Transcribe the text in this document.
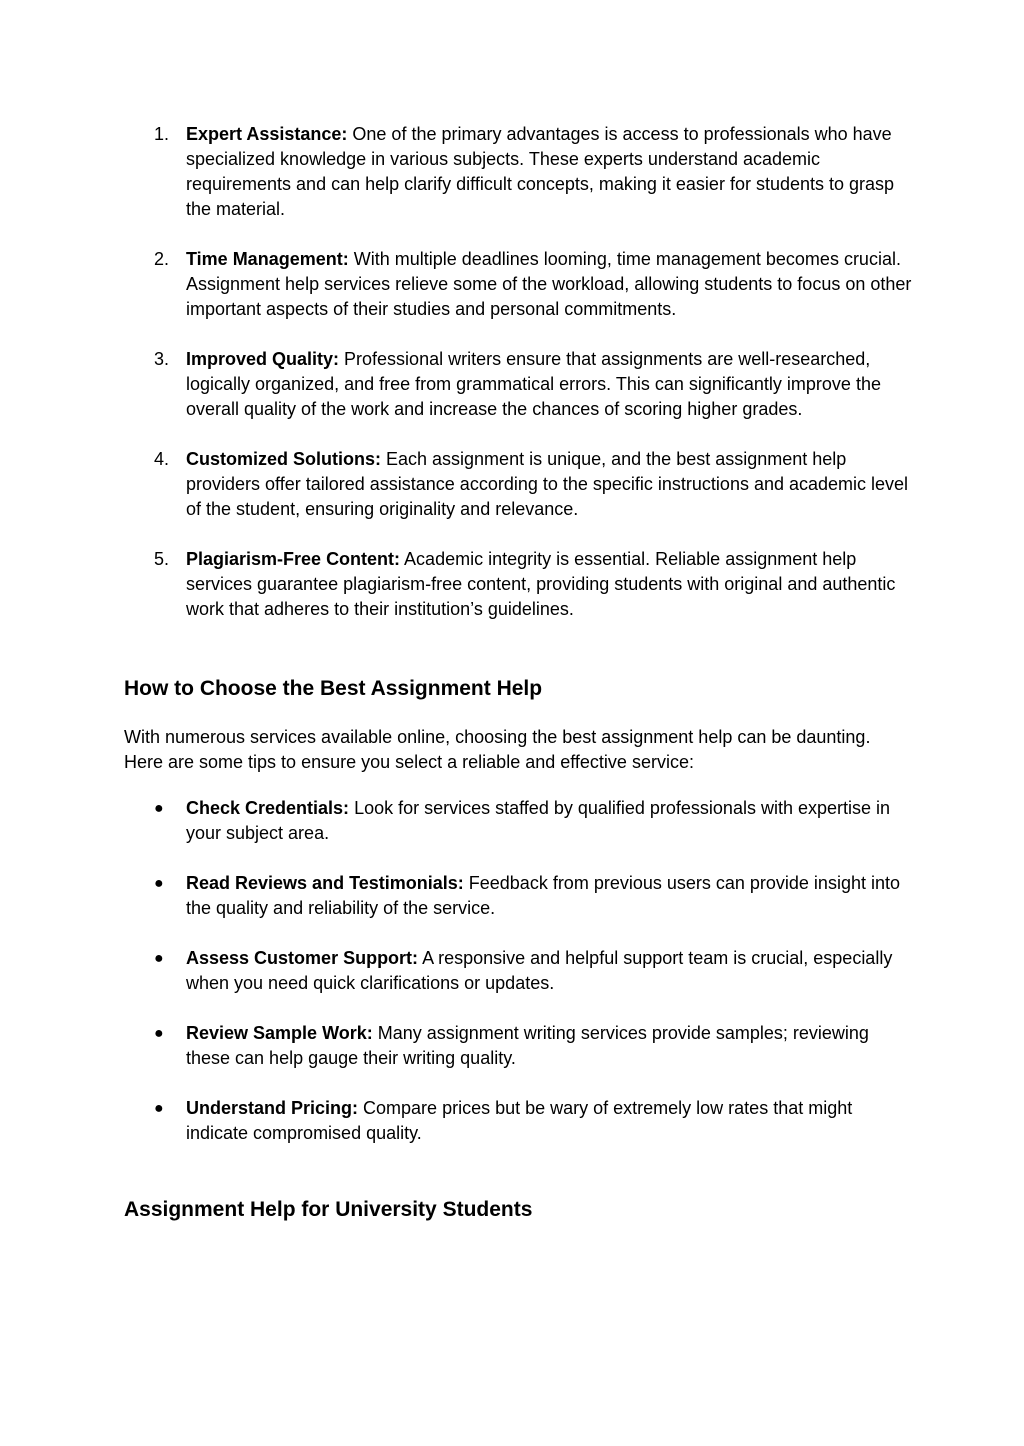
1. Expert Assistance: One of the primary advantages is access to professionals who have specialized knowledge in various subjects. These experts understand academic requirements and can help clarify difficult concepts, making it easier for students to grasp the material.
2. Time Management: With multiple deadlines looming, time management becomes crucial. Assignment help services relieve some of the workload, allowing students to focus on other important aspects of their studies and personal commitments.
3. Improved Quality: Professional writers ensure that assignments are well-researched, logically organized, and free from grammatical errors. This can significantly improve the overall quality of the work and increase the chances of scoring higher grades.
4. Customized Solutions: Each assignment is unique, and the best assignment help providers offer tailored assistance according to the specific instructions and academic level of the student, ensuring originality and relevance.
5. Plagiarism-Free Content: Academic integrity is essential. Reliable assignment help services guarantee plagiarism-free content, providing students with original and authentic work that adheres to their institution’s guidelines.
How to Choose the Best Assignment Help

With numerous services available online, choosing the best assignment help can be daunting. Here are some tips to ensure you select a reliable and effective service:

● Check Credentials: Look for services staffed by qualified professionals with expertise in your subject area.
● Read Reviews and Testimonials: Feedback from previous users can provide insight into the quality and reliability of the service.
● Assess Customer Support: A responsive and helpful support team is crucial, especially when you need quick clarifications or updates.
● Review Sample Work: Many assignment writing services provide samples; reviewing these can help gauge their writing quality.
● Understand Pricing: Compare prices but be wary of extremely low rates that might indicate compromised quality.
Assignment Help for University Students
